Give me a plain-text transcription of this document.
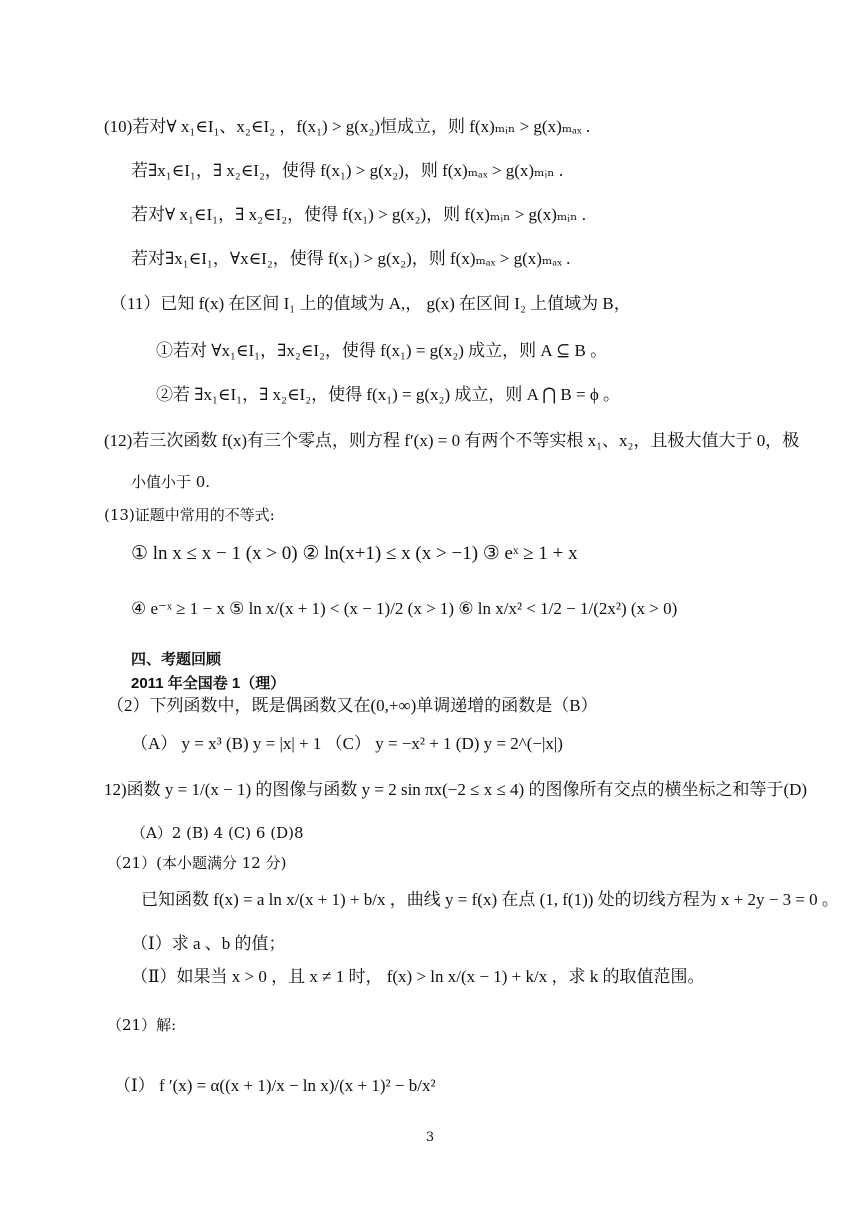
(10)若对∀ x₁∈I₁、x₂∈I₂ ，f(x₁) > g(x₂)恒成立，则 f(x)ₘᵢₙ > g(x)ₘₐₓ .
若∃x₁∈I₁，∃ x₂∈I₂，使得 f(x₁) > g(x₂)，则 f(x)ₘₐₓ > g(x)ₘᵢₙ .
若对∀ x₁∈I₁，∃ x₂∈I₂，使得 f(x₁) > g(x₂)，则 f(x)ₘᵢₙ > g(x)ₘᵢₙ .
若对∃x₁∈I₁，∀x∈I₂，使得 f(x₁) > g(x₂)，则 f(x)ₘₐₓ > g(x)ₘₐₓ .
（11）已知 f(x) 在区间 I₁ 上的值域为 A,， g(x) 在区间 I₂ 上值域为 B，
①若对 ∀x₁∈I₁，∃x₂∈I₂，使得 f(x₁) = g(x₂) 成立，则 A ⊆ B 。
②若 ∃x₁∈I₁，∃ x₂∈I₂，使得 f(x₁) = g(x₂) 成立，则 A ⋂ B = ϕ 。
(12)若三次函数 f(x)有三个零点，则方程 f′(x) = 0 有两个不等实根 x₁、x₂，且极大值大于 0，极
小值小于 0.
(13)证题中常用的不等式:
① ln x ≤ x − 1 (x > 0) ② ln(x+1) ≤ x (x > −1) ③ eˣ ≥ 1 + x
④ e⁻ˣ ≥ 1 − x ⑤ ln x/(x + 1) < (x − 1)/2 (x > 1) ⑥ ln x/x² < 1/2 − 1/(2x²) (x > 0)
四、考题回顾
2011 年全国卷 1（理）
（2）下列函数中，既是偶函数又在(0,+∞)单调递增的函数是（B）
（A） y = x³ (B) y = |x| + 1 （C） y = −x² + 1 (D) y = 2^(−|x|)
12)函数 y = 1/(x − 1) 的图像与函数 y = 2 sin πx(−2 ≤ x ≤ 4) 的图像所有交点的横坐标之和等于(D)
（A）2 (B) 4 (C) 6 (D)8
（21）(本小题满分 12 分)
已知函数 f(x) = a ln x/(x + 1) + b/x ，曲线 y = f(x) 在点 (1, f(1)) 处的切线方程为 x + 2y − 3 = 0 。
（Ⅰ）求 a 、b 的值；
（Ⅱ）如果当 x > 0 ，且 x ≠ 1 时， f(x) > ln x/(x − 1) + k/x ，求 k 的取值范围。
（21）解:
（Ⅰ） f ′(x) = α((x + 1)/x − ln x)/(x + 1)² − b/x²
3
